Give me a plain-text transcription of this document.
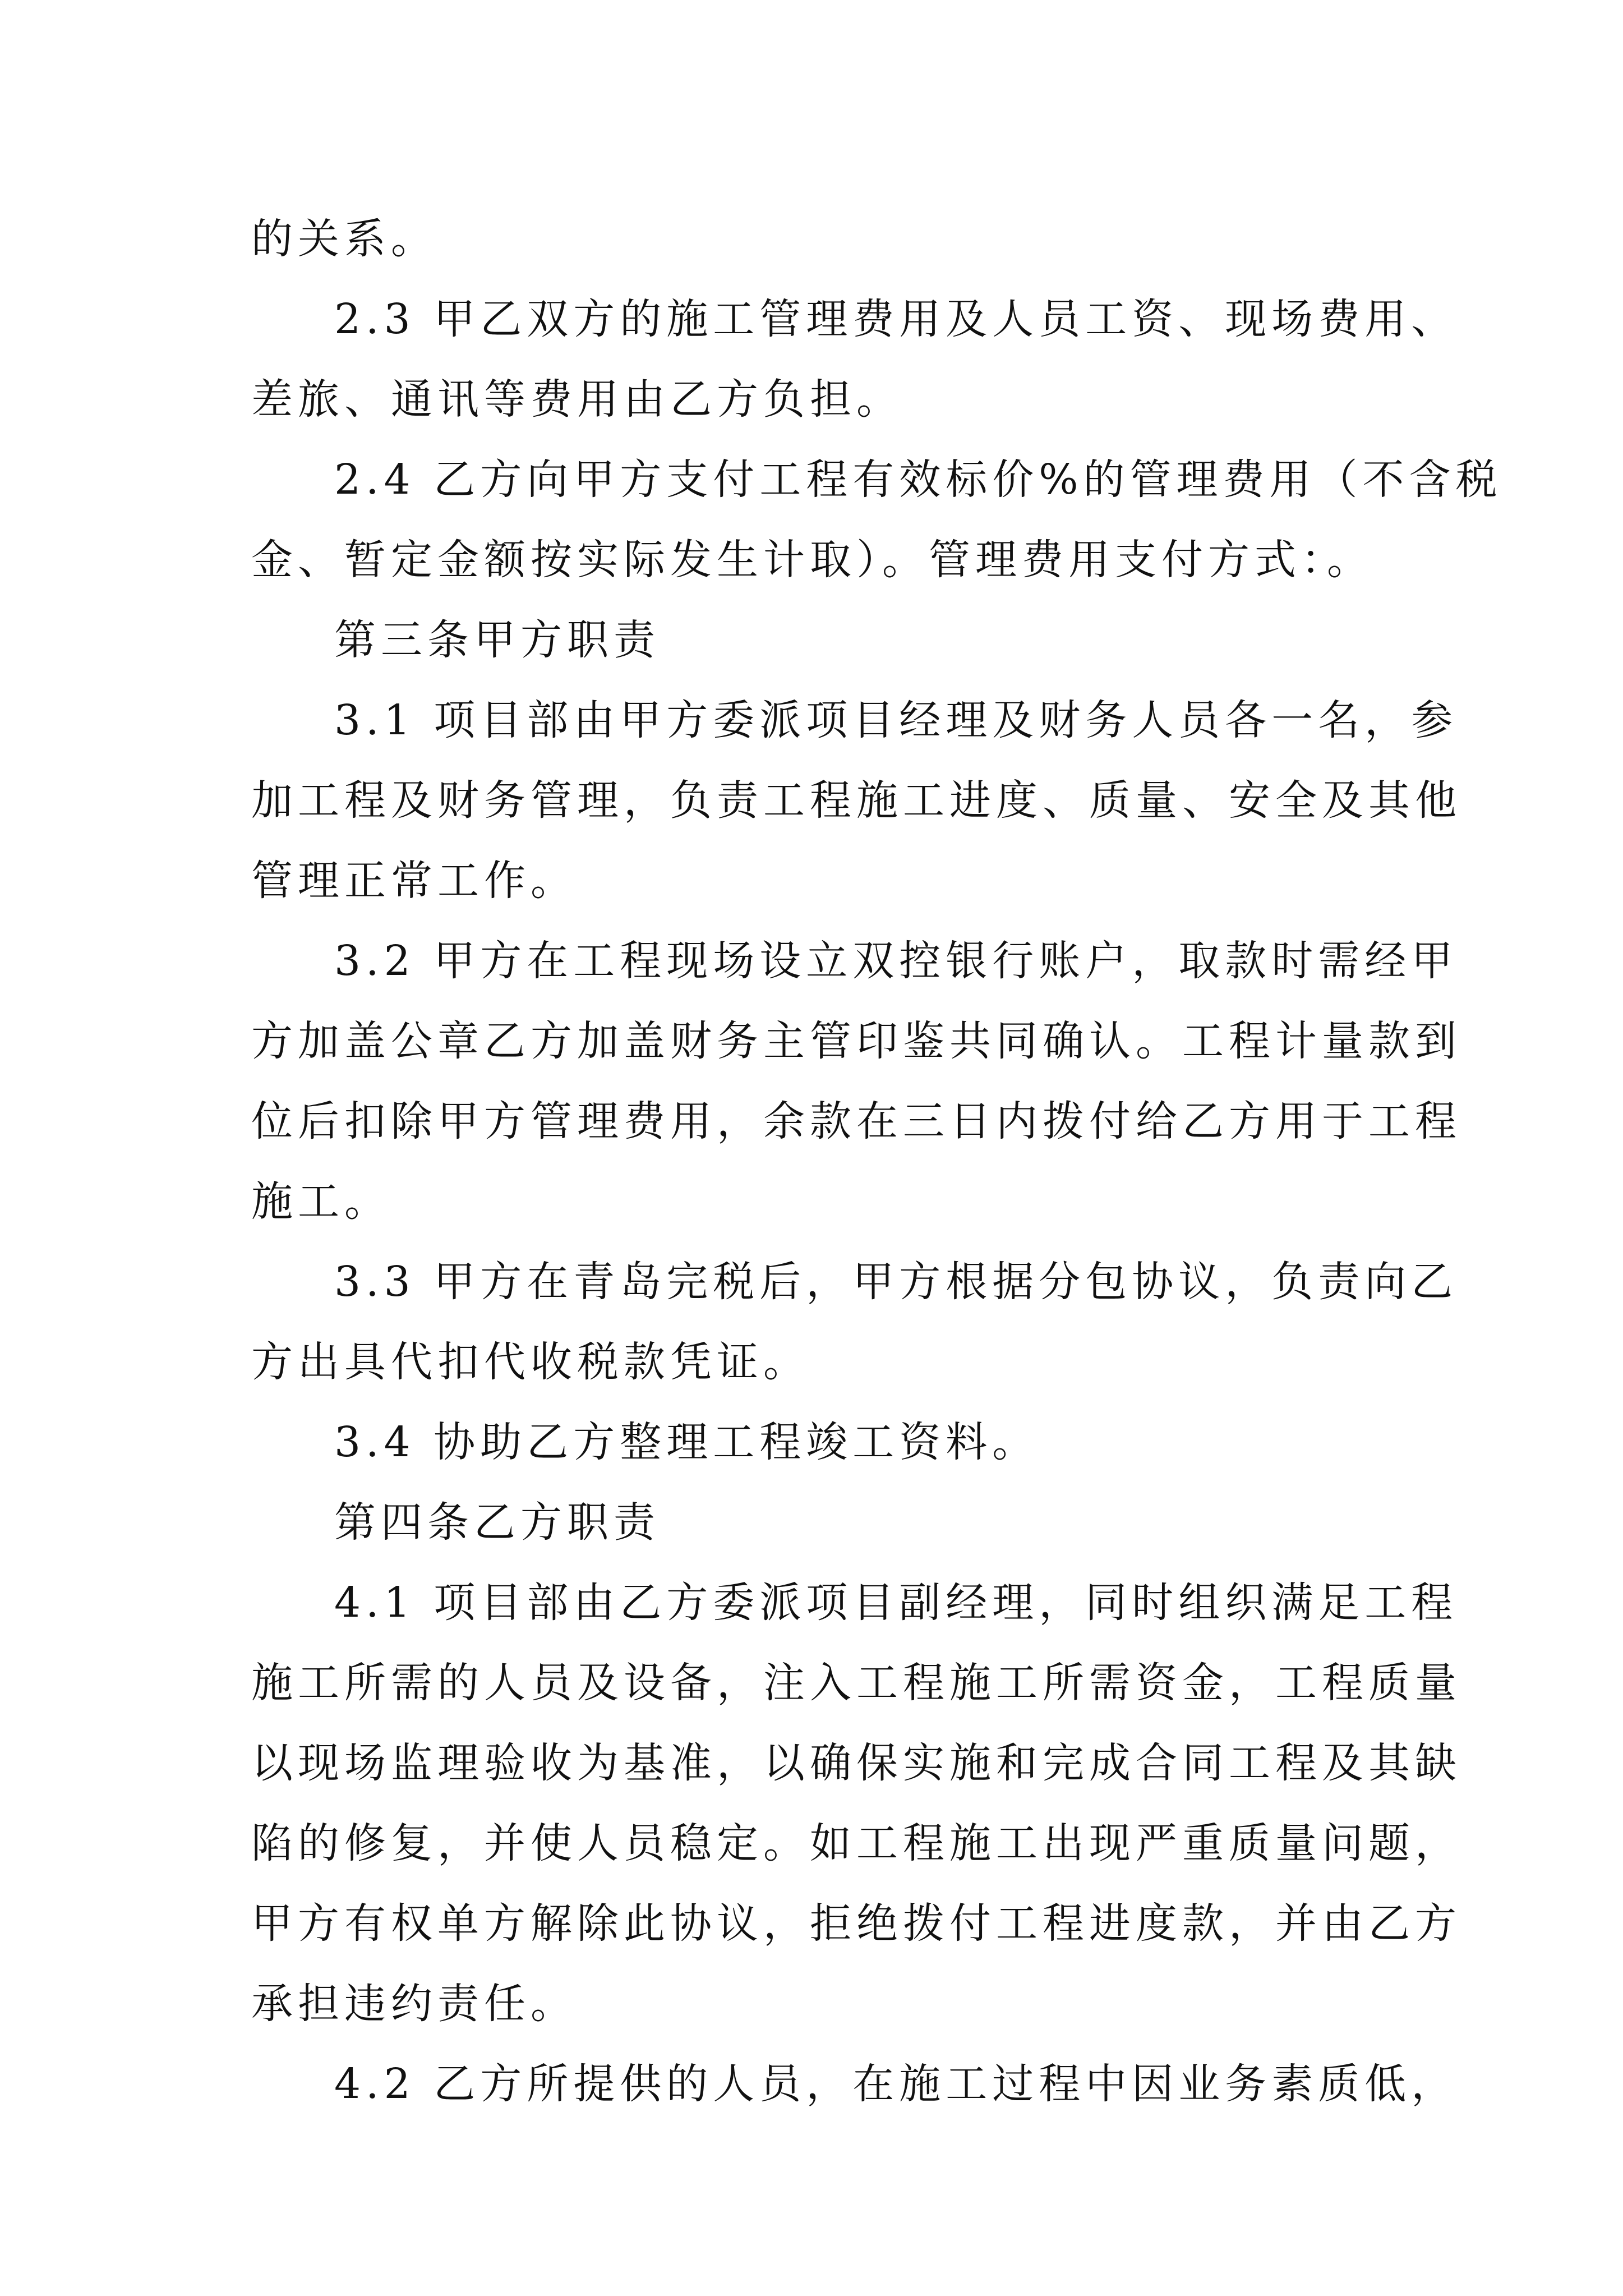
的关系。

2.3 甲乙双方的施工管理费用及人员工资、现场费用、

差旅、通讯等费用由乙方负担。

2.4 乙方向甲方支付工程有效标价%的管理费用（不含税

金、暂定金额按实际发生计取）。管理费用支付方式：。

第三条甲方职责

3.1 项目部由甲方委派项目经理及财务人员各一名，参

加工程及财务管理，负责工程施工进度、质量、安全及其他

管理正常工作。

3.2 甲方在工程现场设立双控银行账户，取款时需经甲

方加盖公章乙方加盖财务主管印鉴共同确认。工程计量款到

位后扣除甲方管理费用，余款在三日内拨付给乙方用于工程

施工。

3.3 甲方在青岛完税后，甲方根据分包协议，负责向乙

方出具代扣代收税款凭证。

3.4 协助乙方整理工程竣工资料。

第四条乙方职责

4.1 项目部由乙方委派项目副经理，同时组织满足工程

施工所需的人员及设备，注入工程施工所需资金，工程质量

以现场监理验收为基准，以确保实施和完成合同工程及其缺

陷的修复，并使人员稳定。如工程施工出现严重质量问题，

甲方有权单方解除此协议，拒绝拨付工程进度款，并由乙方

承担违约责任。

4.2 乙方所提供的人员，在施工过程中因业务素质低，
